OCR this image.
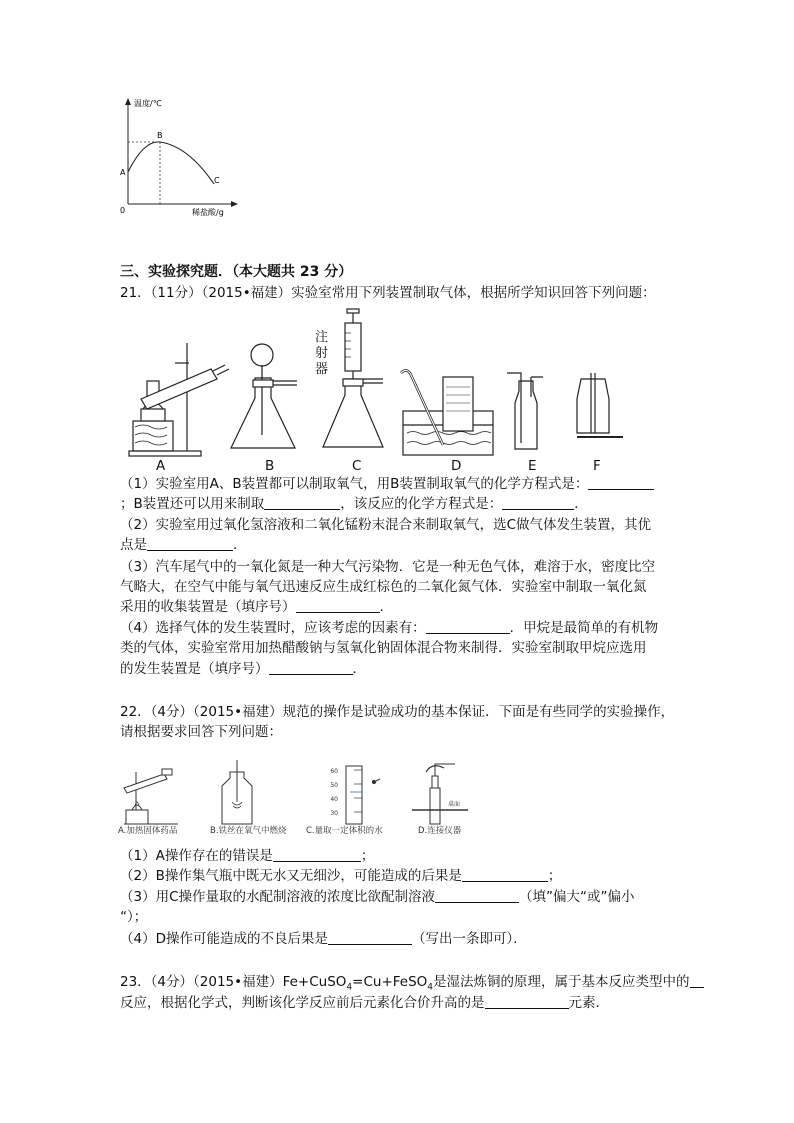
温度/℃
稀盐酸/g
0
A
B
C
三、实验探究题．（本大题共 23 分）
21．（11分）（2015•福建）实验室常用下列装置制取气体，根据所学知识回答下列问题：
注
射
器
A	B	C	D	E	F
（1）实验室用A、B装置都可以制取氧气，用B装置制取氧气的化学方程式是：
；B装置还可以用来制取	，该反应的化学方程式是：	．
（2）实验室用过氧化氢溶液和二氧化锰粉末混合来制取氧气，选C做气体发生装置，其优
点是	．
（3）汽车尾气中的一氧化氮是一种大气污染物．它是一种无色气体，难溶于水，密度比空
气略大，在空气中能与氧气迅速反应生成红棕色的二氧化氮气体．实验室中制取一氧化氮
采用的收集装置是（填序号）	．
（4）选择气体的发生装置时，应该考虑的因素有：	．甲烷是最简单的有机物
类的气体，实验室常用加热醋酸钠与氢氧化钠固体混合物来制得．实验室制取甲烷应选用
的发生装置是（填序号）	．
22．（4分）（2015•福建）规范的操作是试验成功的基本保证．下面是有些同学的实验操作，
请根据要求回答下列问题：
60
50
40
30
桌面
A.加热固体药品	B.铁丝在氧气中燃烧 C.量取一定体积的水	D.连接仪器
（1）A操作存在的错误是	；
（2）B操作集气瓶中既无水又无细沙，可能造成的后果是	；
（3）用C操作量取的水配制溶液的浓度比欲配制溶液	（填”偏大“或”偏小
“）；
（4）D操作可能造成的不良后果是	（写出一条即可）．
23．（4分）（2015•福建）Fe+CuSO$_4$=Cu+FeSO$_4$是湿法炼铜的原理，属于基本反应类型中的
反应，根据化学式，判断该化学反应前后元素化合价升高的是	元素．
